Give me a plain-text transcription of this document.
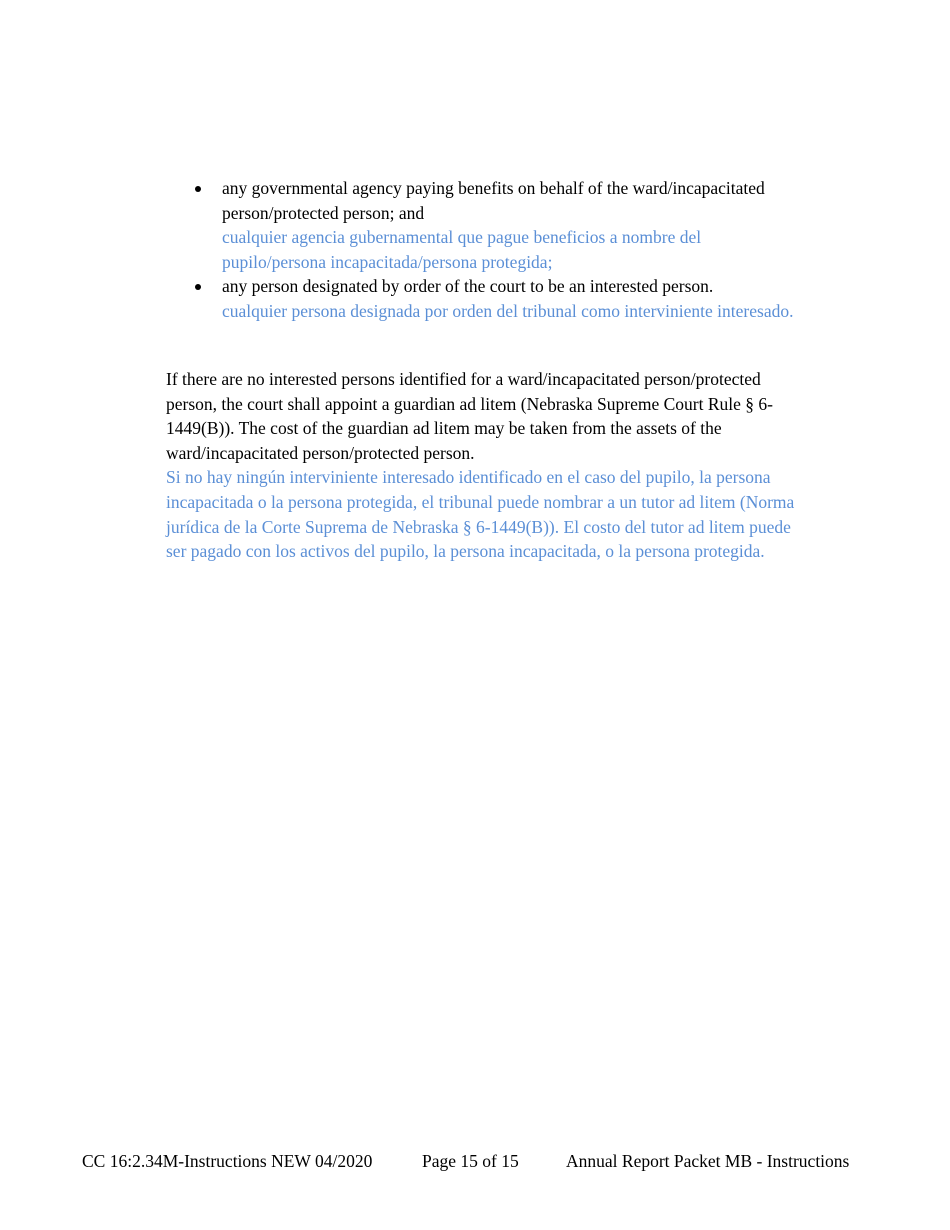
any governmental agency paying benefits on behalf of the ward/incapacitated person/protected person; and
cualquier agencia gubernamental que pague beneficios a nombre del pupilo/persona incapacitada/persona protegida;
any person designated by order of the court to be an interested person.
cualquier persona designada por orden del tribunal como interviniente interesado.
If there are no interested persons identified for a ward/incapacitated person/protected person, the court shall appoint a guardian ad litem (Nebraska Supreme Court Rule § 6-1449(B)). The cost of the guardian ad litem may be taken from the assets of the ward/incapacitated person/protected person.
Si no hay ningún interviniente interesado identificado en el caso del pupilo, la persona incapacitada o la persona protegida, el tribunal puede nombrar a un tutor ad litem (Norma jurídica de la Corte Suprema de Nebraska § 6-1449(B)). El costo del tutor ad litem puede ser pagado con los activos del pupilo, la persona incapacitada, o la persona protegida.
CC 16:2.34M-Instructions NEW 04/2020	Page 15 of 15	Annual Report Packet MB - Instructions
